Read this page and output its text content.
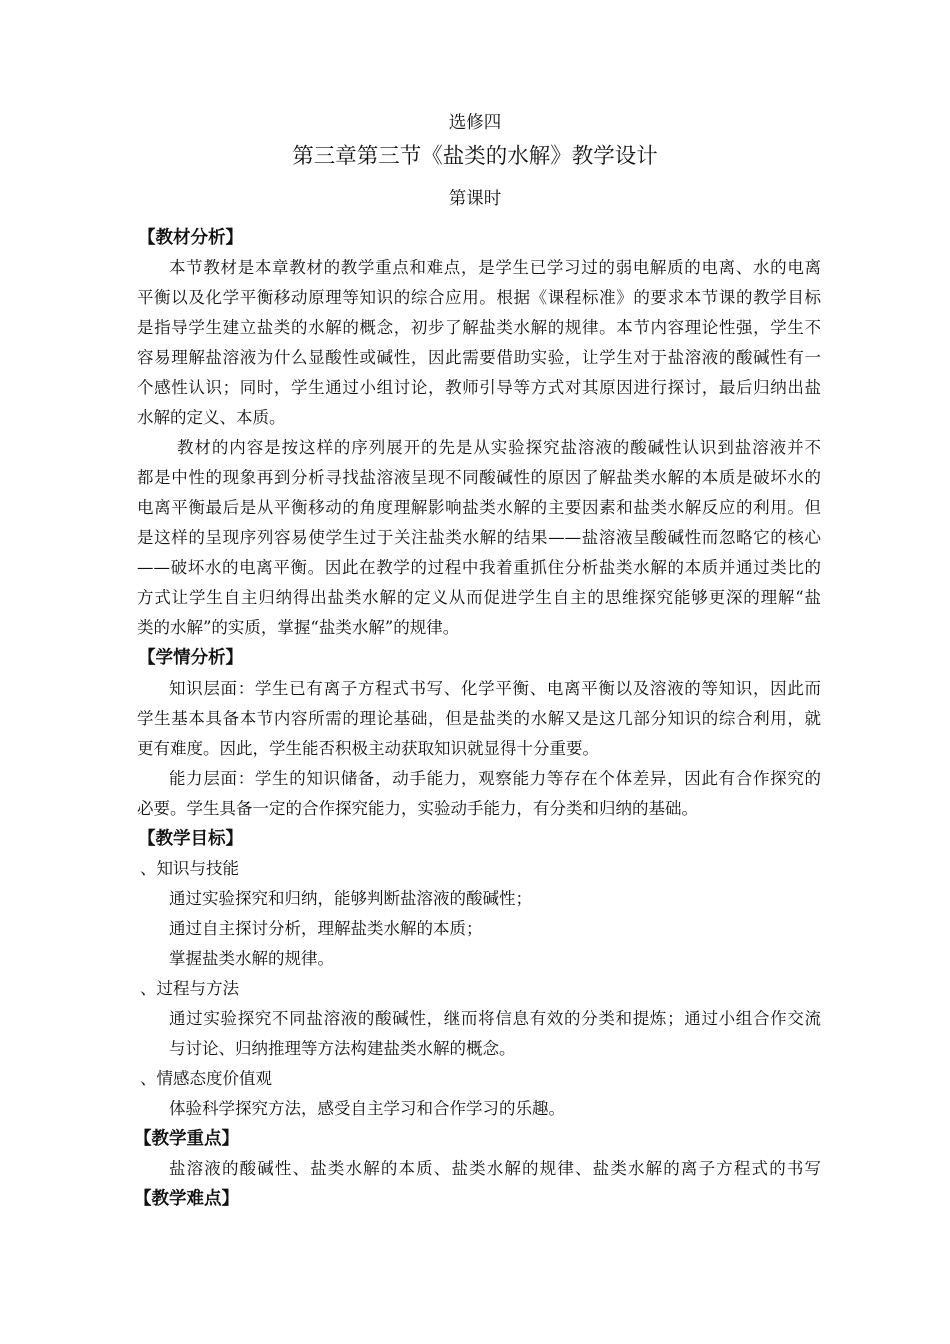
选修四
第三章第三节《盐类的水解》教学设计
第课时
【教材分析】
本节教材是本章教材的教学重点和难点，是学生已学习过的弱电解质的电离、水的电离
平衡以及化学平衡移动原理等知识的综合应用。根据《课程标准》的要求本节课的教学目标
是指导学生建立盐类的水解的概念，初步了解盐类水解的规律。本节内容理论性强，学生不
容易理解盐溶液为什么显酸性或碱性，因此需要借助实验，让学生对于盐溶液的酸碱性有一
个感性认识；同时，学生通过小组讨论，教师引导等方式对其原因进行探讨，最后归纳出盐
水解的定义、本质。
教材的内容是按这样的序列展开的先是从实验探究盐溶液的酸碱性认识到盐溶液并不
都是中性的现象再到分析寻找盐溶液呈现不同酸碱性的原因了解盐类水解的本质是破坏水的
电离平衡最后是从平衡移动的角度理解影响盐类水解的主要因素和盐类水解反应的利用。但
是这样的呈现序列容易使学生过于关注盐类水解的结果——盐溶液呈酸碱性而忽略它的核心
——破坏水的电离平衡。因此在教学的过程中我着重抓住分析盐类水解的本质并通过类比的
方式让学生自主归纳得出盐类水解的定义从而促进学生自主的思维探究能够更深的理解“盐
类的水解”的实质，掌握“盐类水解”的规律。
【学情分析】
知识层面：学生已有离子方程式书写、化学平衡、电离平衡以及溶液的等知识，因此而
学生基本具备本节内容所需的理论基础，但是盐类的水解又是这几部分知识的综合利用，就
更有难度。因此，学生能否积极主动获取知识就显得十分重要。
能力层面：学生的知识储备，动手能力，观察能力等存在个体差异，因此有合作探究的
必要。学生具备一定的合作探究能力，实验动手能力，有分类和归纳的基础。
【教学目标】
、知识与技能
通过实验探究和归纳，能够判断盐溶液的酸碱性；
通过自主探讨分析，理解盐类水解的本质；
掌握盐类水解的规律。
、过程与方法
通过实验探究不同盐溶液的酸碱性，继而将信息有效的分类和提炼；通过小组合作交流
与讨论、归纳推理等方法构建盐类水解的概念。
、情感态度价值观
体验科学探究方法，感受自主学习和合作学习的乐趣。
【教学重点】
盐溶液的酸碱性、盐类水解的本质、盐类水解的规律、盐类水解的离子方程式的书写
【教学难点】
